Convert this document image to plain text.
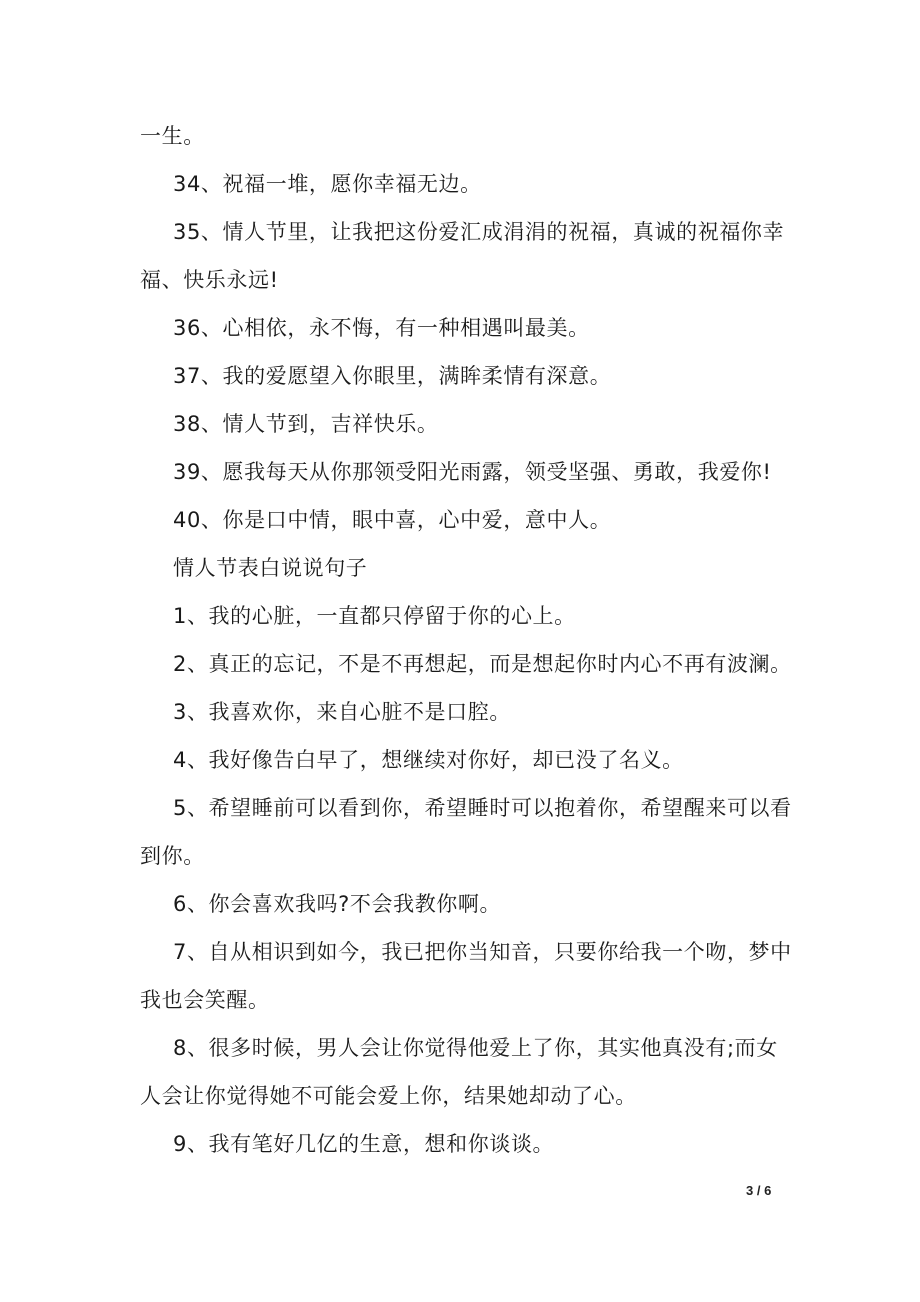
一生。

34、祝福一堆，愿你幸福无边。

35、情人节里，让我把这份爱汇成涓涓的祝福，真诚的祝福你幸

福、快乐永远!

36、心相依，永不悔，有一种相遇叫最美。

37、我的爱愿望入你眼里，满眸柔情有深意。

38、情人节到，吉祥快乐。

39、愿我每天从你那领受阳光雨露，领受坚强、勇敢，我爱你!

40、你是口中情，眼中喜，心中爱，意中人。

情人节表白说说句子

1、我的心脏，一直都只停留于你的心上。

2、真正的忘记，不是不再想起，而是想起你时内心不再有波澜。

3、我喜欢你，来自心脏不是口腔。

4、我好像告白早了，想继续对你好，却已没了名义。

5、希望睡前可以看到你，希望睡时可以抱着你，希望醒来可以看

到你。

6、你会喜欢我吗?不会我教你啊。

7、自从相识到如今，我已把你当知音，只要你给我一个吻，梦中

我也会笑醒。

8、很多时候，男人会让你觉得他爱上了你，其实他真没有;而女

人会让你觉得她不可能会爱上你，结果她却动了心。

9、我有笔好几亿的生意，想和你谈谈。

3 / 6
